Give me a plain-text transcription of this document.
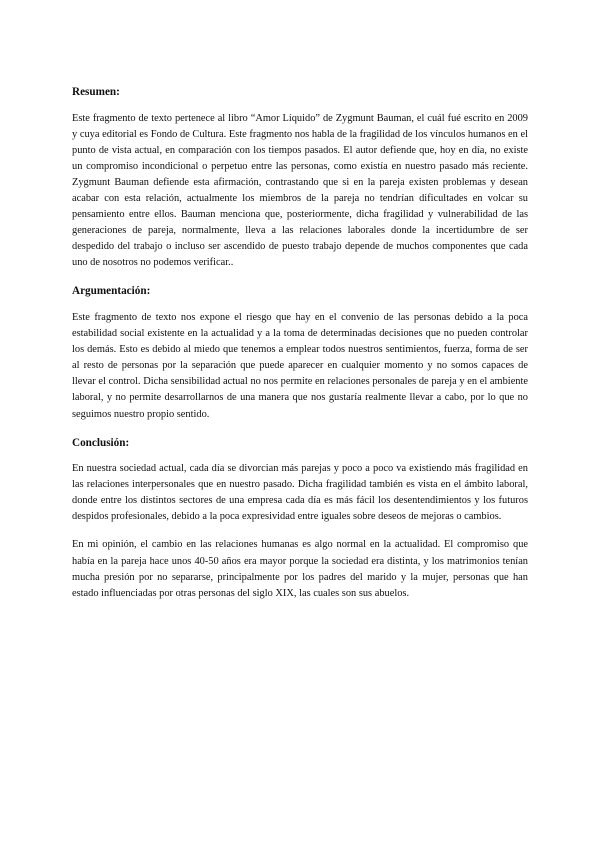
Resumen:

Este fragmento de texto pertenece al libro “Amor Líquido” de Zygmunt Bauman, el cuál fué escrito en 2009 y cuya editorial es Fondo de Cultura. Este fragmento nos habla de la fragilidad de los vínculos humanos en el punto de vista actual, en comparación con los tiempos pasados. El autor defiende que, hoy en día, no existe un compromiso incondicional o perpetuo entre las personas, como existía en nuestro pasado más reciente. Zygmunt Bauman defiende esta afirmación, contrastando que si en la pareja existen problemas y desean acabar con esta relación, actualmente los miembros de la pareja no tendrían dificultades en volcar su pensamiento entre ellos. Bauman menciona que, posteriormente, dicha fragilidad y vulnerabilidad de las generaciones de pareja, normalmente, lleva a las relaciones laborales donde la incertidumbre de ser despedido del trabajo o incluso ser ascendido de puesto trabajo depende de muchos componentes que cada uno de nosotros no podemos verificar..

Argumentación:

Este fragmento de texto nos expone el riesgo que hay en el convenio de las personas debido a la poca estabilidad social existente en la actualidad y a la toma de determinadas decisiones que no pueden controlar los demás. Esto es debido al miedo que tenemos a emplear todos nuestros sentimientos, fuerza, forma de ser al resto de personas por la separación que puede aparecer en cualquier momento y no somos capaces de llevar el control. Dicha sensibilidad actual no nos permite en relaciones personales de pareja y en el ambiente laboral, y no permite desarrollarnos de una manera que nos gustaría realmente llevar a cabo, por lo que no seguimos nuestro propio sentido.

Conclusión:

En nuestra sociedad actual, cada día se divorcian más parejas y poco a poco va existiendo más fragilidad en las relaciones interpersonales que en nuestro pasado. Dicha fragilidad también es vista en el ámbito laboral, donde entre los distintos sectores de una empresa cada día es más fácil los desentendimientos y los futuros despidos profesionales, debido a la poca expresividad entre iguales sobre deseos de mejoras o cambios.

En mi opinión, el cambio en las relaciones humanas es algo normal en la actualidad. El compromiso que había en la pareja hace unos 40-50 años era mayor porque la sociedad era distinta, y los matrimonios tenían mucha presión por no separarse, principalmente por los padres del marido y la mujer, personas que han estado influenciadas por otras personas del siglo XIX, las cuales son sus abuelos.
